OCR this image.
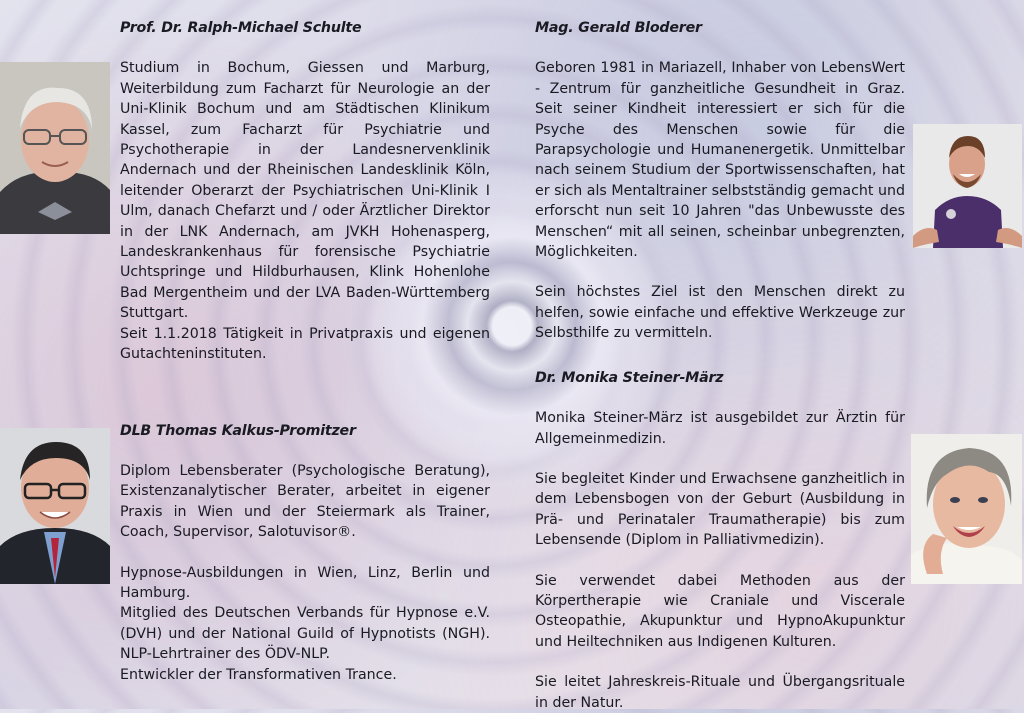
Prof. Dr. Ralph-Michael Schulte

Studium in Bochum, Giessen und Marburg, Weiterbildung zum Facharzt für Neurologie an der Uni-Klinik Bochum und am Städtischen Klinikum Kassel, zum Facharzt für Psychiatrie und Psychotherapie in der Landesnervenklinik Andernach und der Rheinischen Landesklinik Köln, leitender Oberarzt der Psychiatrischen Uni-Klinik I Ulm, danach Chefarzt und / oder Ärztlicher Direktor in der LNK Andernach, am JVKH Hohenasperg, Landeskrankenhaus für forensische Psychiatrie Uchtspringe und Hildburhausen, Klink Hohenlohe Bad Mergentheim und der LVA Baden-Württemberg Stuttgart.

Seit 1.1.2018 Tätigkeit in Privatpraxis und eigenen Gutachteninstituten.

DLB Thomas Kalkus-Promitzer

Diplom Lebensberater (Psychologische Beratung), Existenzanalytischer Berater, arbeitet in eigener Praxis in Wien und der Steiermark als Trainer, Coach, Supervisor, Salotuvisor®.

Hypnose-Ausbildungen in Wien, Linz, Berlin und Hamburg.

Mitglied des Deutschen Verbands für Hypnose e.V. (DVH) und der National Guild of Hypnotists (NGH). NLP-Lehrtrainer des ÖDV-NLP.

Entwickler der Transformativen Trance.

Mag. Gerald Bloderer

Geboren 1981 in Mariazell, Inhaber von LebensWert - Zentrum für ganzheitliche Gesundheit in Graz. Seit seiner Kindheit interessiert er sich für die Psyche des Menschen sowie für die Parapsychologie und Humanenergetik. Unmittelbar nach seinem Studium der Sportwissenschaften, hat er sich als Mentaltrainer selbstständig gemacht und erforscht nun seit 10 Jahren "das Unbewusste des Menschen“ mit all seinen, scheinbar unbegrenzten, Möglichkeiten.

Sein höchstes Ziel ist den Menschen direkt zu helfen, sowie einfache und effektive Werkzeuge zur Selbsthilfe zu vermitteln.

Dr. Monika Steiner-März

Monika Steiner-März ist ausgebildet zur Ärztin für Allgemeinmedizin.

Sie begleitet Kinder und Erwachsene ganzheitlich in dem Lebensbogen von der Geburt (Ausbildung in Prä- und Perinataler Traumatherapie) bis zum Lebensende (Diplom in Palliativmedizin).

Sie verwendet dabei Methoden aus der Körpertherapie wie Craniale und Viscerale Osteopathie, Akupunktur und HypnoAkupunktur und Heiltechniken aus Indigenen Kulturen.

Sie leitet Jahreskreis-Rituale und Übergangsrituale in der Natur.
